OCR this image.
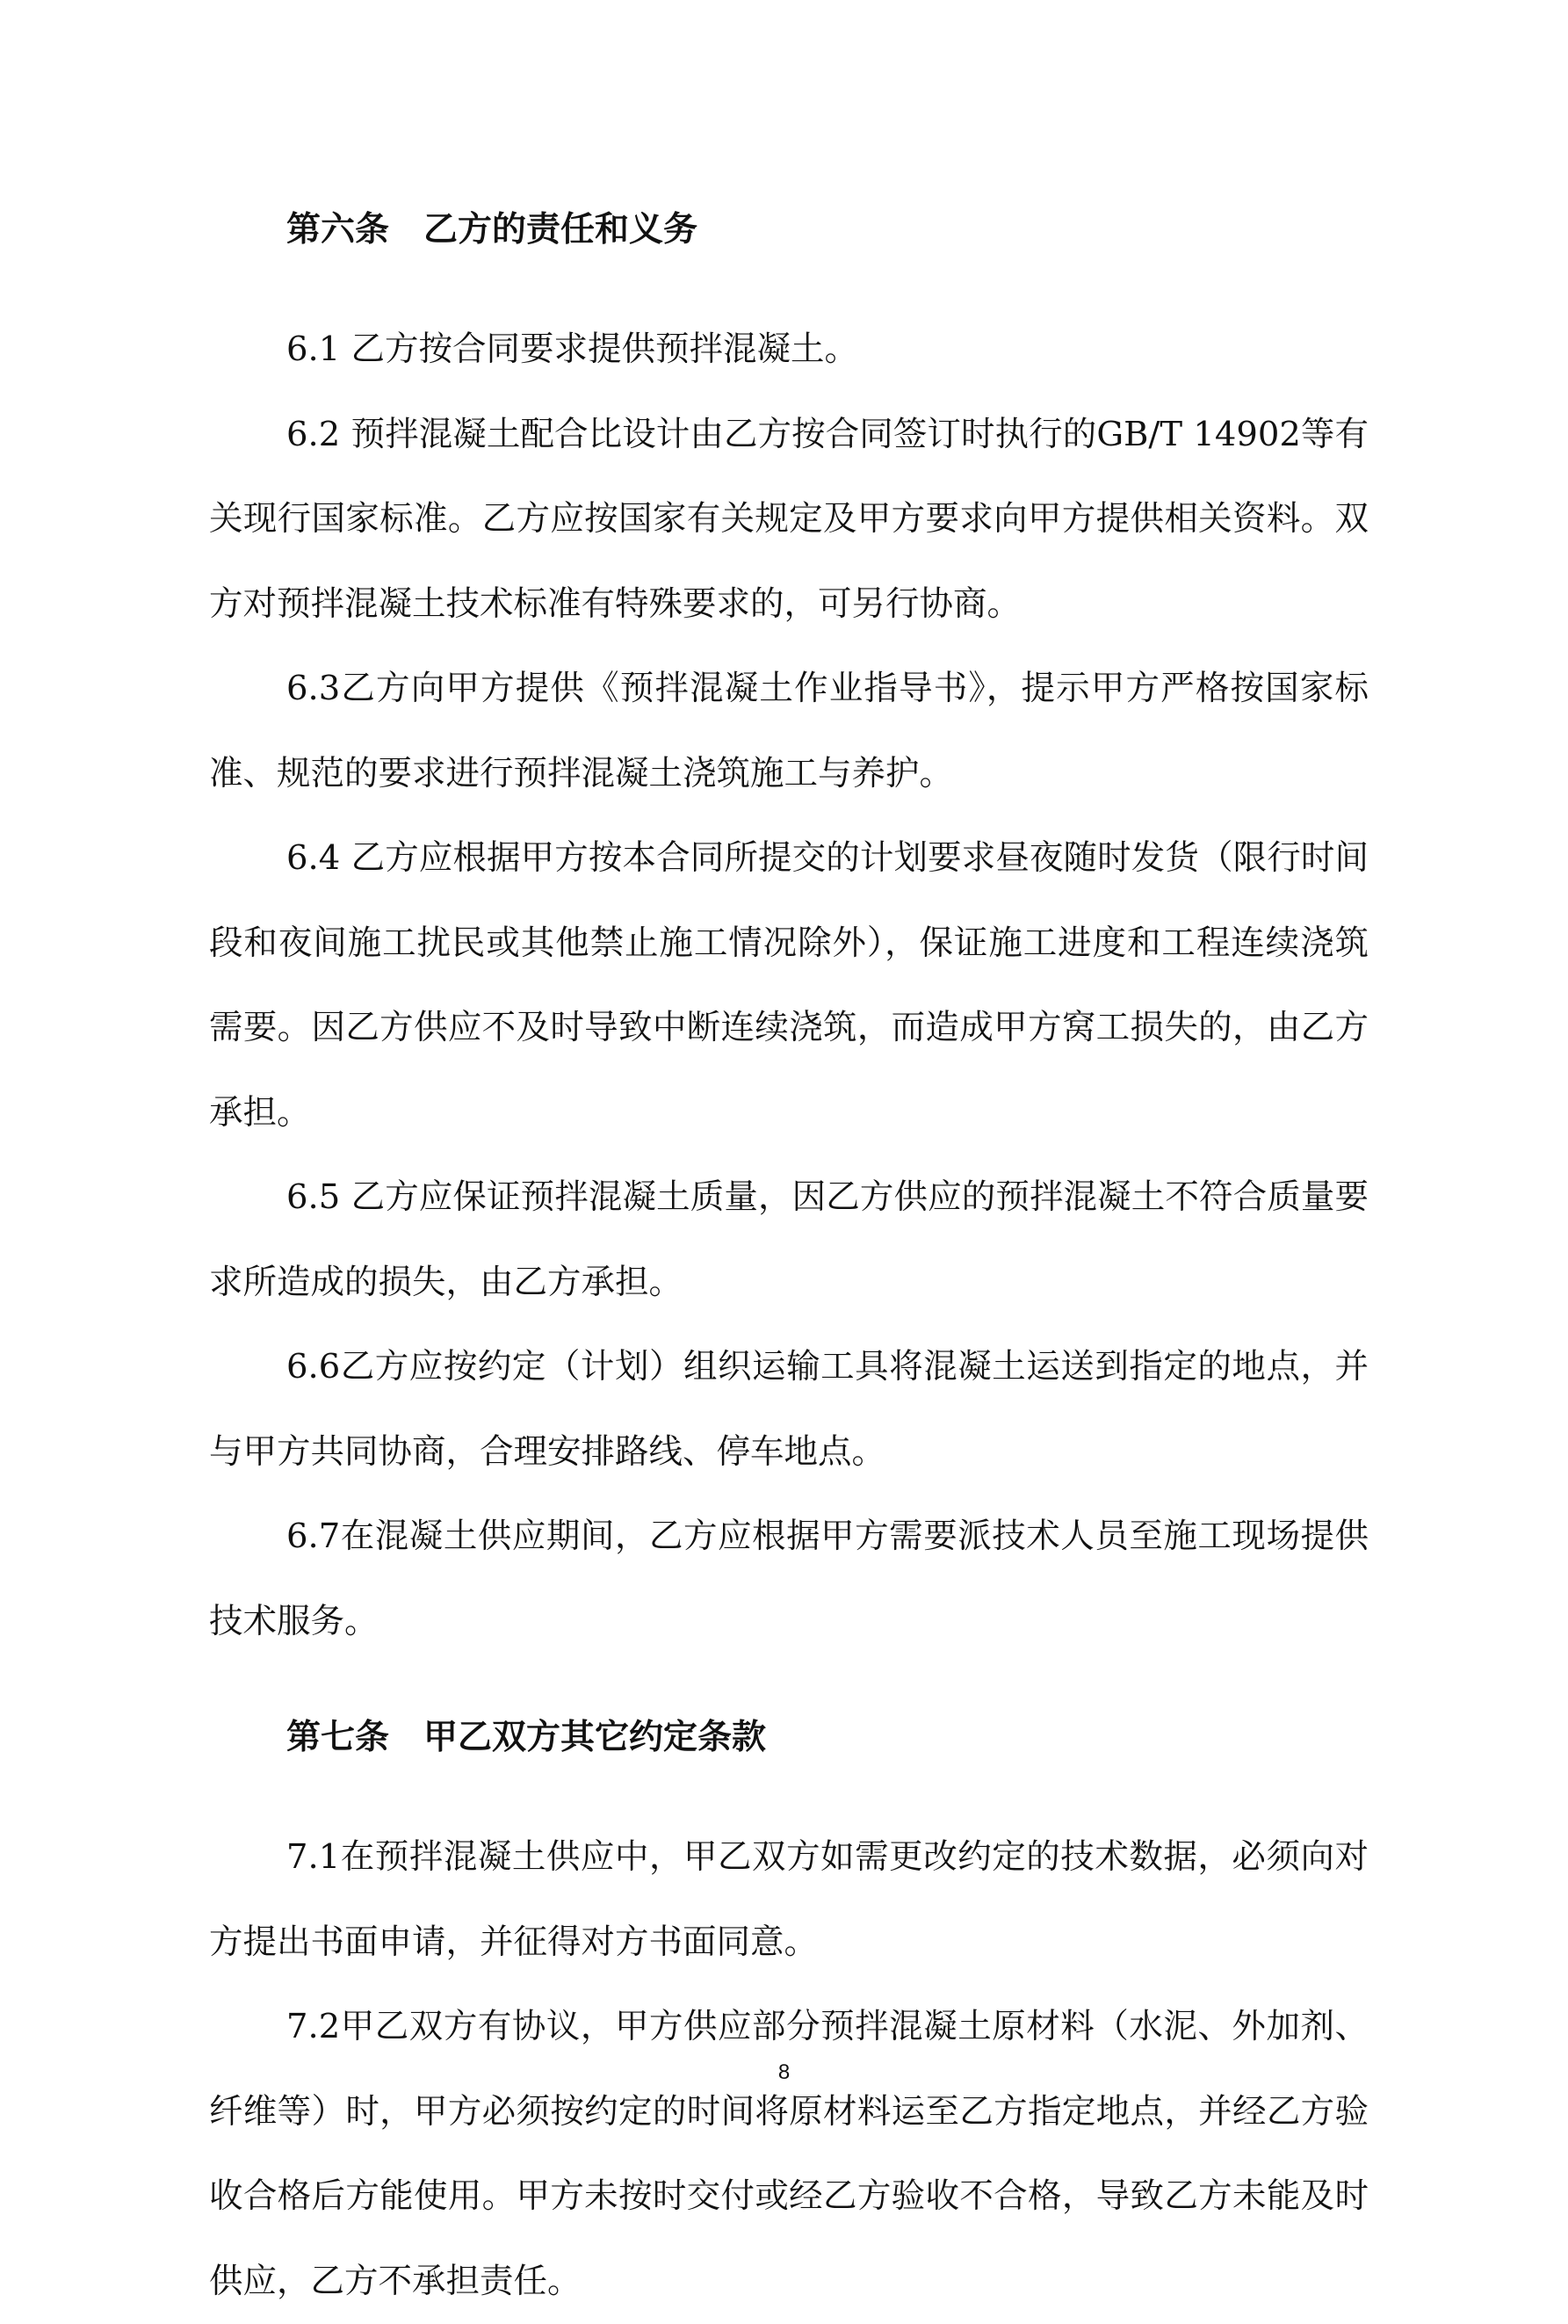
第六条　乙方的责任和义务

6.1 乙方按合同要求提供预拌混凝土。

6.2 预拌混凝土配合比设计由乙方按合同签订时执行的GB/T 14902等有关现行国家标准。乙方应按国家有关规定及甲方要求向甲方提供相关资料。双方对预拌混凝土技术标准有特殊要求的，可另行协商。

6.3乙方向甲方提供《预拌混凝土作业指导书》，提示甲方严格按国家标准、规范的要求进行预拌混凝土浇筑施工与养护。

6.4 乙方应根据甲方按本合同所提交的计划要求昼夜随时发货（限行时间段和夜间施工扰民或其他禁止施工情况除外），保证施工进度和工程连续浇筑需要。因乙方供应不及时导致中断连续浇筑，而造成甲方窝工损失的，由乙方承担。

6.5 乙方应保证预拌混凝土质量，因乙方供应的预拌混凝土不符合质量要求所造成的损失，由乙方承担。

6.6乙方应按约定（计划）组织运输工具将混凝土运送到指定的地点，并与甲方共同协商，合理安排路线、停车地点。

6.7在混凝土供应期间，乙方应根据甲方需要派技术人员至施工现场提供技术服务。

第七条　甲乙双方其它约定条款

7.1在预拌混凝土供应中，甲乙双方如需更改约定的技术数据，必须向对方提出书面申请，并征得对方书面同意。

7.2甲乙双方有协议，甲方供应部分预拌混凝土原材料（水泥、外加剂、纤维等）时，甲方必须按约定的时间将原材料运至乙方指定地点，并经乙方验收合格后方能使用。甲方未按时交付或经乙方验收不合格，导致乙方未能及时供应，乙方不承担责任。

8
